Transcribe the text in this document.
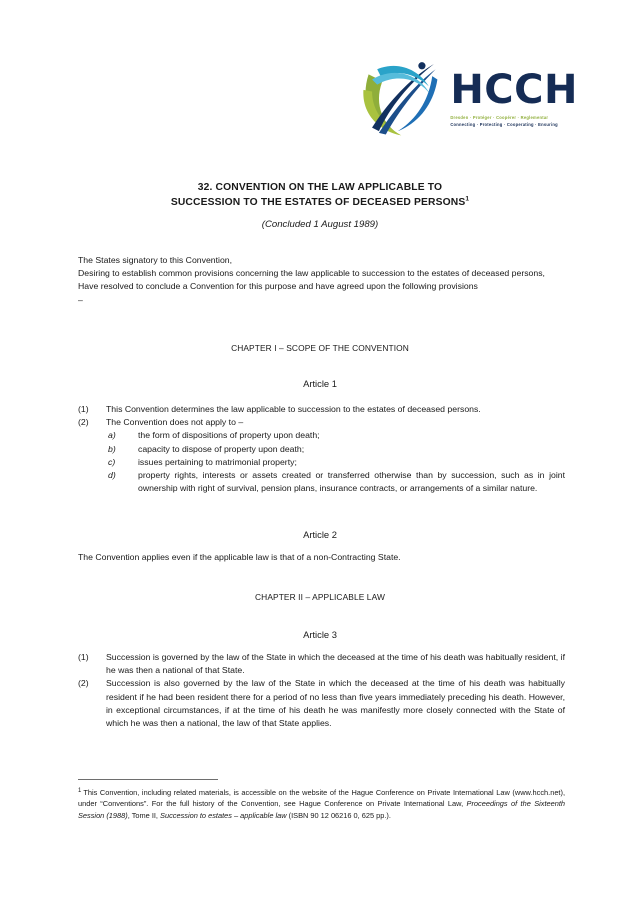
HCCH
Dresden · Protéger · Coopérer · Reglementar
Connecting · Protecting · Cooperating · Ensuring
32. CONVENTION ON THE LAW APPLICABLE TO
SUCCESSION TO THE ESTATES OF DECEASED PERSONS$^1$
(Concluded 1 August 1989)
The States signatory to this Convention,
Desiring to establish common provisions concerning the law applicable to succession to the estates of deceased persons,
Have resolved to conclude a Convention for this purpose and have agreed upon the following provisions
–
CHAPTER I – SCOPE OF THE CONVENTION
Article 1
(1)	This Convention determines the law applicable to succession to the estates of deceased persons.
(2)	The Convention does not apply to –
a)	the form of dispositions of property upon death;
b)	capacity to dispose of property upon death;
c)	issues pertaining to matrimonial property;
d)	property rights, interests or assets created or transferred otherwise than by succession, such as in joint ownership with right of survival, pension plans, insurance contracts, or arrangements of a similar nature.
Article 2
The Convention applies even if the applicable law is that of a non-Contracting State.
CHAPTER II – APPLICABLE LAW
Article 3
(1)	Succession is governed by the law of the State in which the deceased at the time of his death was habitually resident, if he was then a national of that State.
(2)	Succession is also governed by the law of the State in which the deceased at the time of his death was habitually resident if he had been resident there for a period of no less than five years immediately preceding his death. However, in exceptional circumstances, if at the time of his death he was manifestly more closely connected with the State of which he was then a national, the law of that State applies.
$^1$ This Convention, including related materials, is accessible on the website of the Hague Conference on Private International Law (www.hcch.net), under “Conventions”. For the full history of the Convention, see Hague Conference on Private International Law, Proceedings of the Sixteenth Session (1988), Tome II, Succession to estates – applicable law (ISBN 90 12 06216 0, 625 pp.).
